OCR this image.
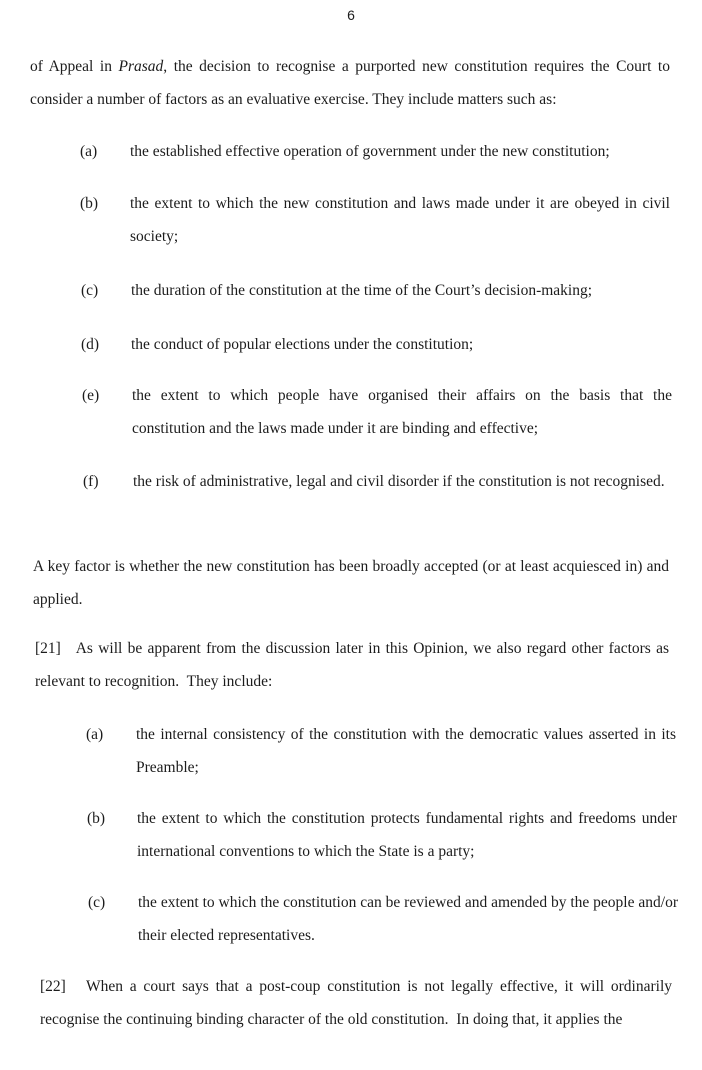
6

of Appeal in Prasad, the decision to recognise a purported new constitution requires the Court to consider a number of factors as an evaluative exercise. They include matters such as:

(a)	the established effective operation of government under the new constitution;
(b)	the extent to which the new constitution and laws made under it are obeyed in civil society;
(c)	the duration of the constitution at the time of the Court’s decision-making;
(d)	the conduct of popular elections under the constitution;
(e)	the extent to which people have organised their affairs on the basis that the constitution and the laws made under it are binding and effective;
(f)	the risk of administrative, legal and civil disorder if the constitution is not recognised.

A key factor is whether the new constitution has been broadly accepted (or at least acquiesced in) and applied.

[21]   As will be apparent from the discussion later in this Opinion, we also regard other factors as relevant to recognition.  They include:

(a)	the internal consistency of the constitution with the democratic values asserted in its Preamble;
(b)	the extent to which the constitution protects fundamental rights and freedoms under international conventions to which the State is a party;
(c)	the extent to which the constitution can be reviewed and amended by the people and/or their elected representatives.

[22]   When a court says that a post-coup constitution is not legally effective, it will ordinarily recognise the continuing binding character of the old constitution.  In doing that, it applies the
